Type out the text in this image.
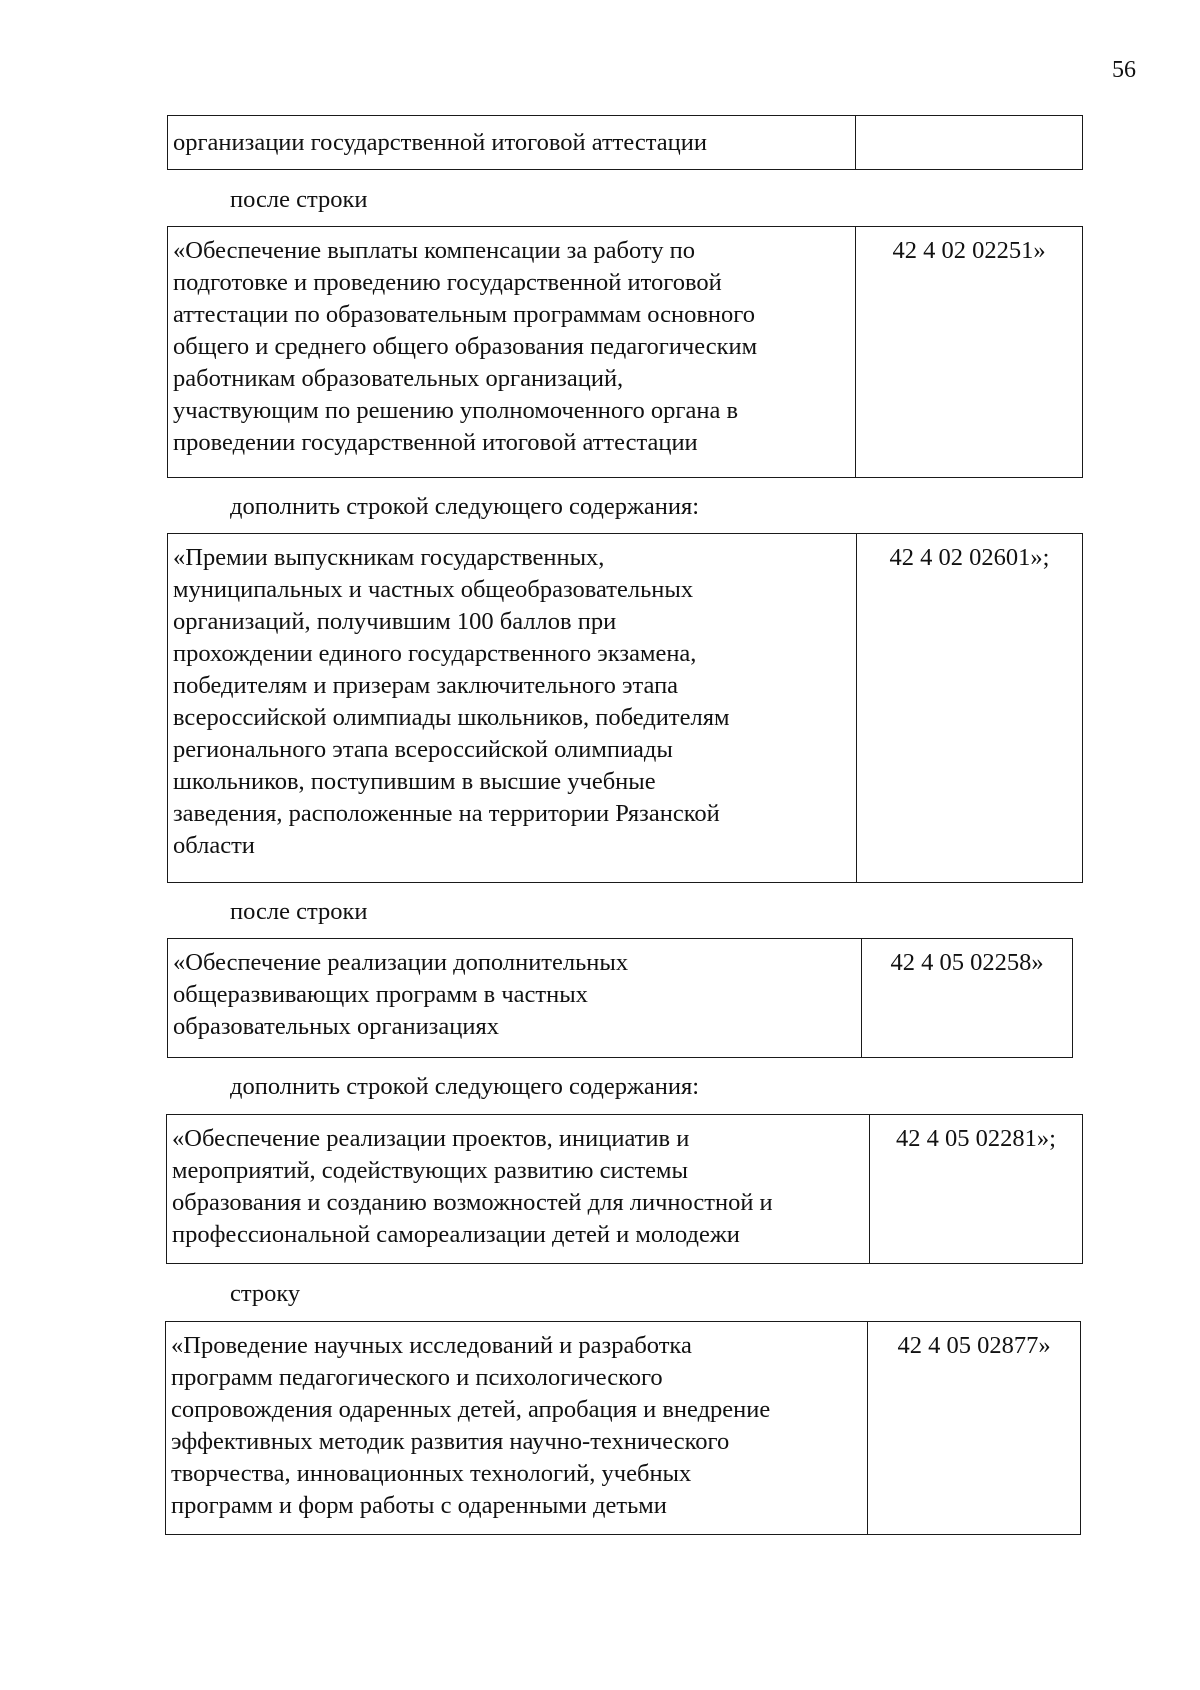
56
организации государственной итоговой аттестации
после строки
«Обеспечение выплаты компенсации за работу по
подготовке и проведению государственной итоговой
аттестации по образовательным программам основного
общего и среднего общего образования педагогическим
работникам образовательных организаций,
участвующим по решению уполномоченного органа в
проведении государственной итоговой аттестации
42 4 02 02251»
дополнить строкой следующего содержания:
«Премии выпускникам государственных,
муниципальных и частных общеобразовательных
организаций, получившим 100 баллов при
прохождении единого государственного экзамена,
победителям и призерам заключительного этапа
всероссийской олимпиады школьников, победителям
регионального этапа всероссийской олимпиады
школьников, поступившим в высшие учебные
заведения, расположенные на территории Рязанской
области
42 4 02 02601»;
после строки
«Обеспечение реализации дополнительных
общеразвивающих программ в частных
образовательных организациях
42 4 05 02258»
дополнить строкой следующего содержания:
«Обеспечение реализации проектов, инициатив и
мероприятий, содействующих развитию системы
образования и созданию возможностей для личностной и
профессиональной самореализации детей и молодежи
42 4 05 02281»;
строку
«Проведение научных исследований и разработка
программ педагогического и психологического
сопровождения одаренных детей, апробация и внедрение
эффективных методик развития научно-технического
творчества, инновационных технологий, учебных
программ и форм работы с одаренными детьми
42 4 05 02877»
